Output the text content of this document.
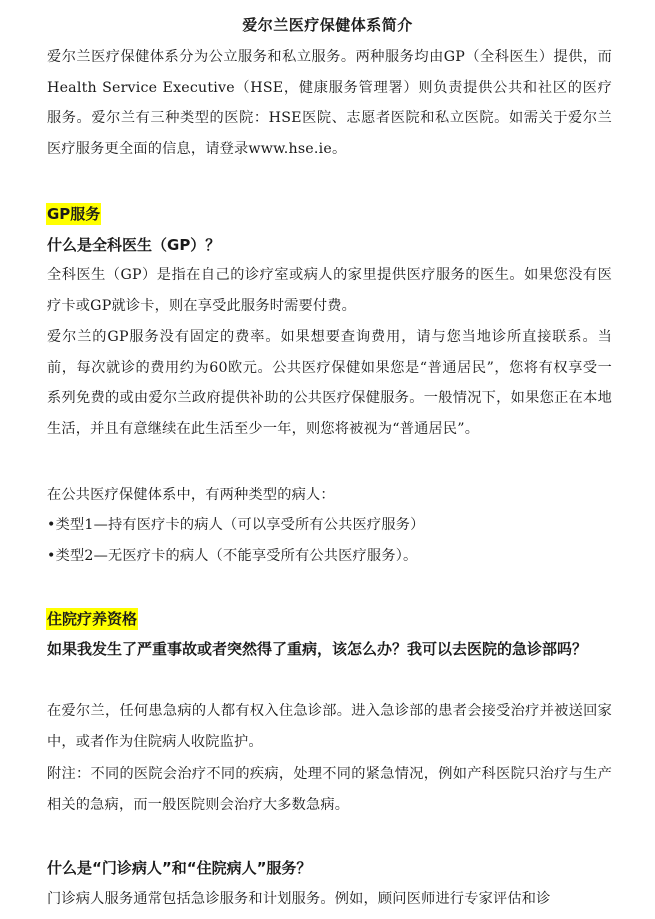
爱尔兰医疗保健体系简介

爱尔兰医疗保健体系分为公立服务和私立服务。两种服务均由GP（全科医生）提供，而Health Service Executive（HSE，健康服务管理署）则负责提供公共和社区的医疗服务。爱尔兰有三种类型的医院：HSE医院、志愿者医院和私立医院。如需关于爱尔兰医疗服务更全面的信息，请登录www.hse.ie。

GP服务
什么是全科医生（GP）？

全科医生（GP）是指在自己的诊疗室或病人的家里提供医疗服务的医生。如果您没有医疗卡或GP就诊卡，则在享受此服务时需要付费。

爱尔兰的GP服务没有固定的费率。如果想要查询费用，请与您当地诊所直接联系。当前，每次就诊的费用约为60欧元。公共医疗保健如果您是“普通居民”，您将有权享受一系列免费的或由爱尔兰政府提供补助的公共医疗保健服务。一般情况下，如果您正在本地生活，并且有意继续在此生活至少一年，则您将被视为“普通居民”。

在公共医疗保健体系中，有两种类型的病人：
•类型1—持有医疗卡的病人（可以享受所有公共医疗服务）
•类型2—无医疗卡的病人（不能享受所有公共医疗服务）。
住院疗养资格

如果我发生了严重事故或者突然得了重病，该怎么办？我可以去医院的急诊部吗？

在爱尔兰，任何患急病的人都有权入住急诊部。进入急诊部的患者会接受治疗并被送回家中，或者作为住院病人收院监护。

附注：不同的医院会治疗不同的疾病，处理不同的紧急情况，例如产科医院只治疗与生产相关的急病，而一般医院则会治疗大多数急病。

什么是“门诊病人”和“住院病人”服务？
门诊病人服务通常包括急诊服务和计划服务。例如，顾问医师进行专家评估和诊
